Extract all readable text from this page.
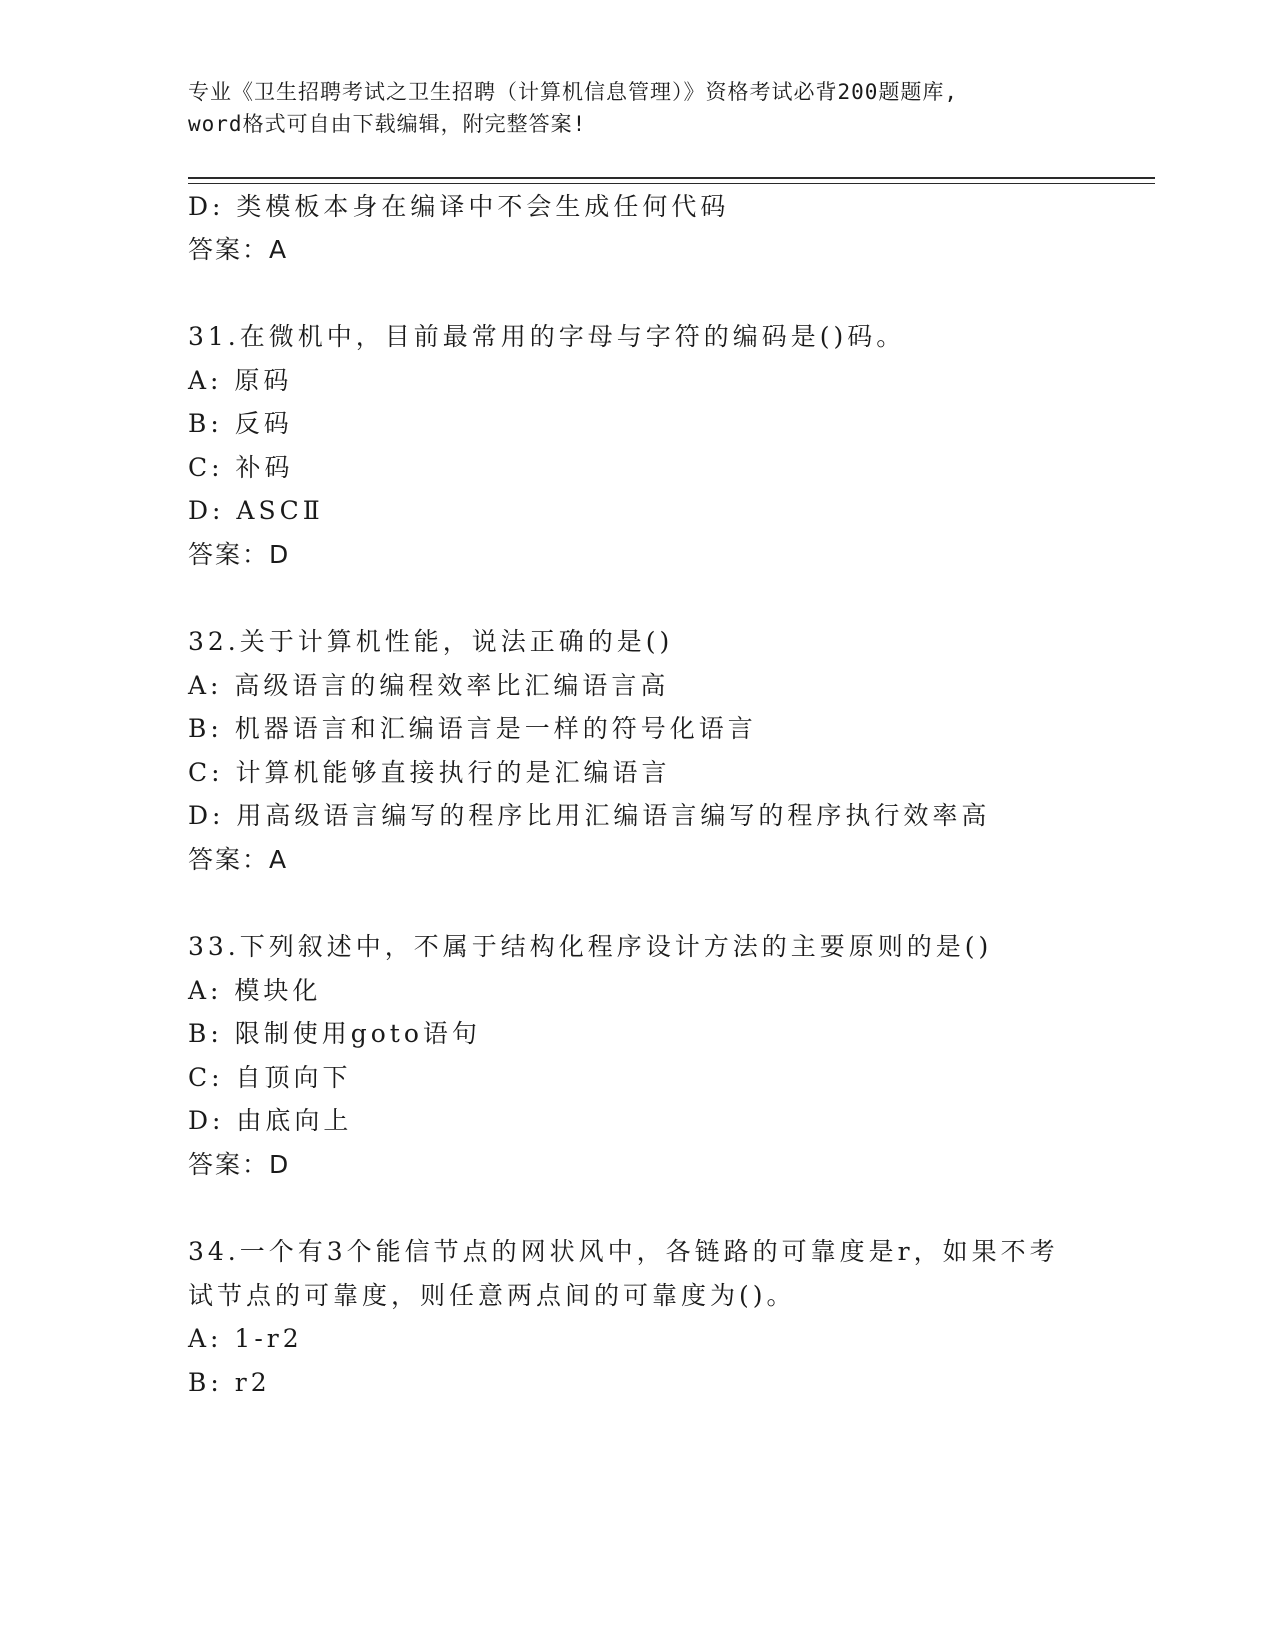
专业《卫生招聘考试之卫生招聘（计算机信息管理）》资格考试必背200题题库,
word格式可自由下载编辑，附完整答案!
D: 类模板本身在编译中不会生成任何代码
答案：A
31.在微机中，目前最常用的字母与字符的编码是()码。
A: 原码
B: 反码
C: 补码
D: ASCⅡ
答案：D
32.关于计算机性能，说法正确的是()
A: 高级语言的编程效率比汇编语言高
B: 机器语言和汇编语言是一样的符号化语言
C: 计算机能够直接执行的是汇编语言
D: 用高级语言编写的程序比用汇编语言编写的程序执行效率高
答案：A
33.下列叙述中，不属于结构化程序设计方法的主要原则的是()
A: 模块化
B: 限制使用goto语句
C: 自顶向下
D: 由底向上
答案：D
34.一个有3个能信节点的网状风中，各链路的可靠度是r，如果不考
试节点的可靠度，则任意两点间的可靠度为()。
A: 1-r2
B: r2
